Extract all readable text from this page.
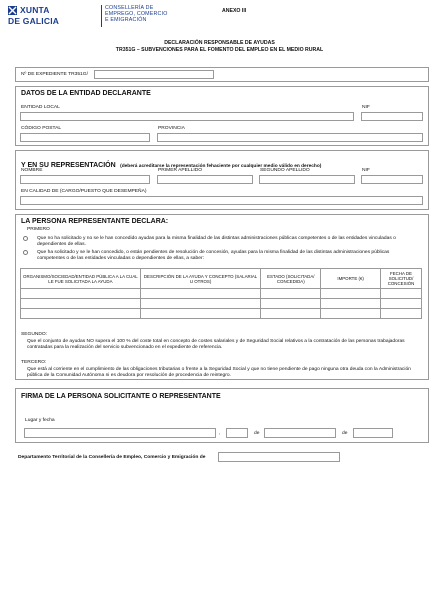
XUNTA
DE GALICIA
CONSELLERÍA DE
EMPREGO, COMERCIO
E EMIGRACIÓN
ANEXO III
DECLARACIÓN RESPONSABLE DE AYUDAS
TR351G – SUBVENCIONES PARA EL FOMENTO DEL EMPLEO EN EL MEDIO RURAL
Nº DE EXPEDIENTE TR351G/
DATOS DE LA ENTIDAD DECLARANTE
ENTIDAD LOCAL	NIF
CÓDIGO POSTAL	PROVINCIA
Y EN SU REPRESENTACIÓN (deberá acreditarse la representación fehaciente por cualquier medio válido en derecho)
NOMBRE	PRIMER APELLIDO	SEGUNDO APELLIDO	NIF
EN CALIDAD DE (CARGO/PUESTO QUE DESEMPEÑA)
LA PERSONA REPRESENTANTE DECLARA:
PRIMERO
Que no ha solicitado y no se le han concedido ayudas para la misma finalidad de las distintas administraciones públicas competentes o de las entidades vinculadas o dependientes de ellas.
Que ha solicitado y se le han concedido, o están pendientes de resolución de concesión, ayudas para la misma finalidad de las distintas administraciones públicas competentes o de las entidades vinculadas o dependientes de ellas, a saber:
ORGANISMO/SOCIEDAD/ENTIDAD PÚBLICA A LA CUAL LE FUE SOLICITADA LA AYUDA	DESCRIPCIÓN DE LA AYUDA Y CONCEPTO (SALARIAL U OTROS)	ESTADO (SOLICITADA/ CONCEDIDA)	IMPORTE (€)	FECHA DE SOLICITUD/ CONCESIÓN

SEGUNDO:
Que el conjunto de ayudas NO supera el 100 % del coste total en concepto de costes salariales y de Seguridad Social relativos a la contratación de las personas trabajadoras contratadas para la realización del servicio subvencionado en el expediente de referencia.
TERCERO:
Que está al corriente en el cumplimiento de las obligaciones tributarias o frente a la Seguridad Social y que no tiene pendiente de pago ninguna otra deuda con la Administración pública de la Comunidad Autónoma ni es deudora por resolución de procedencia de reintegro.
FIRMA DE LA PERSONA SOLICITANTE O REPRESENTANTE
Lugar y fecha
,	de	de
Departamento Territorial de la Consellería de Empleo, Comercio y Emigración de
